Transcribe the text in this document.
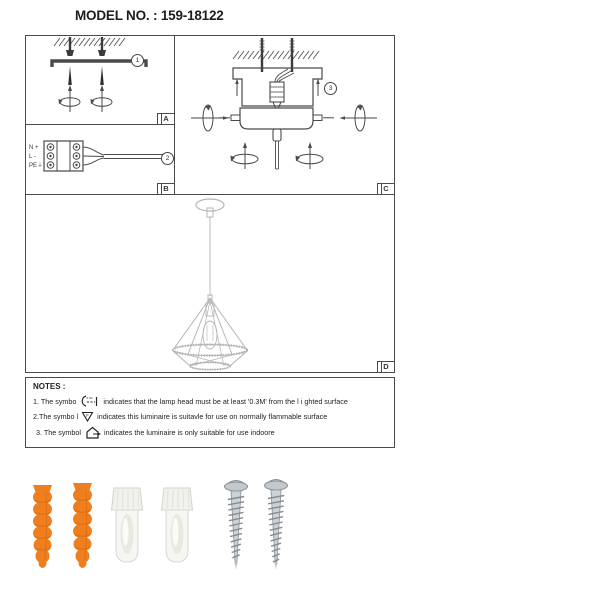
MODEL NO. : 159-18122
1
A
N +
L -
PE⏚
2
B
3
C
D
NOTES :
1. The symbo	0.3m indicates that the lamp head must be at least '0.3M' from the l i ghted surface
2.The symbo l F indicates this luminaire is suitavle for use on normally flammable surface
3. The symbol	indicates the luminaire is only suitable for use indoore
